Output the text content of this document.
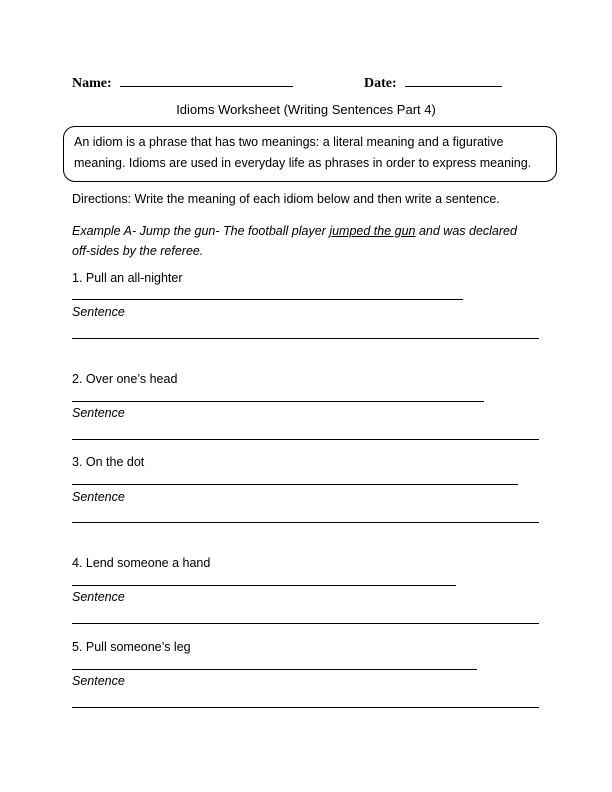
Name:	Date:
Idioms Worksheet (Writing Sentences Part 4)
An idiom is a phrase that has two meanings: a literal meaning and a figurative
meaning. Idioms are used in everyday life as phrases in order to express meaning.
Directions: Write the meaning of each idiom below and then write a sentence.
Example A- Jump the gun- The football player jumped the gun and was declared
off-sides by the referee.
1. Pull an all-nighter
Sentence
2. Over one’s head
Sentence
3. On the dot
Sentence
4. Lend someone a hand
Sentence
5. Pull someone’s leg
Sentence
